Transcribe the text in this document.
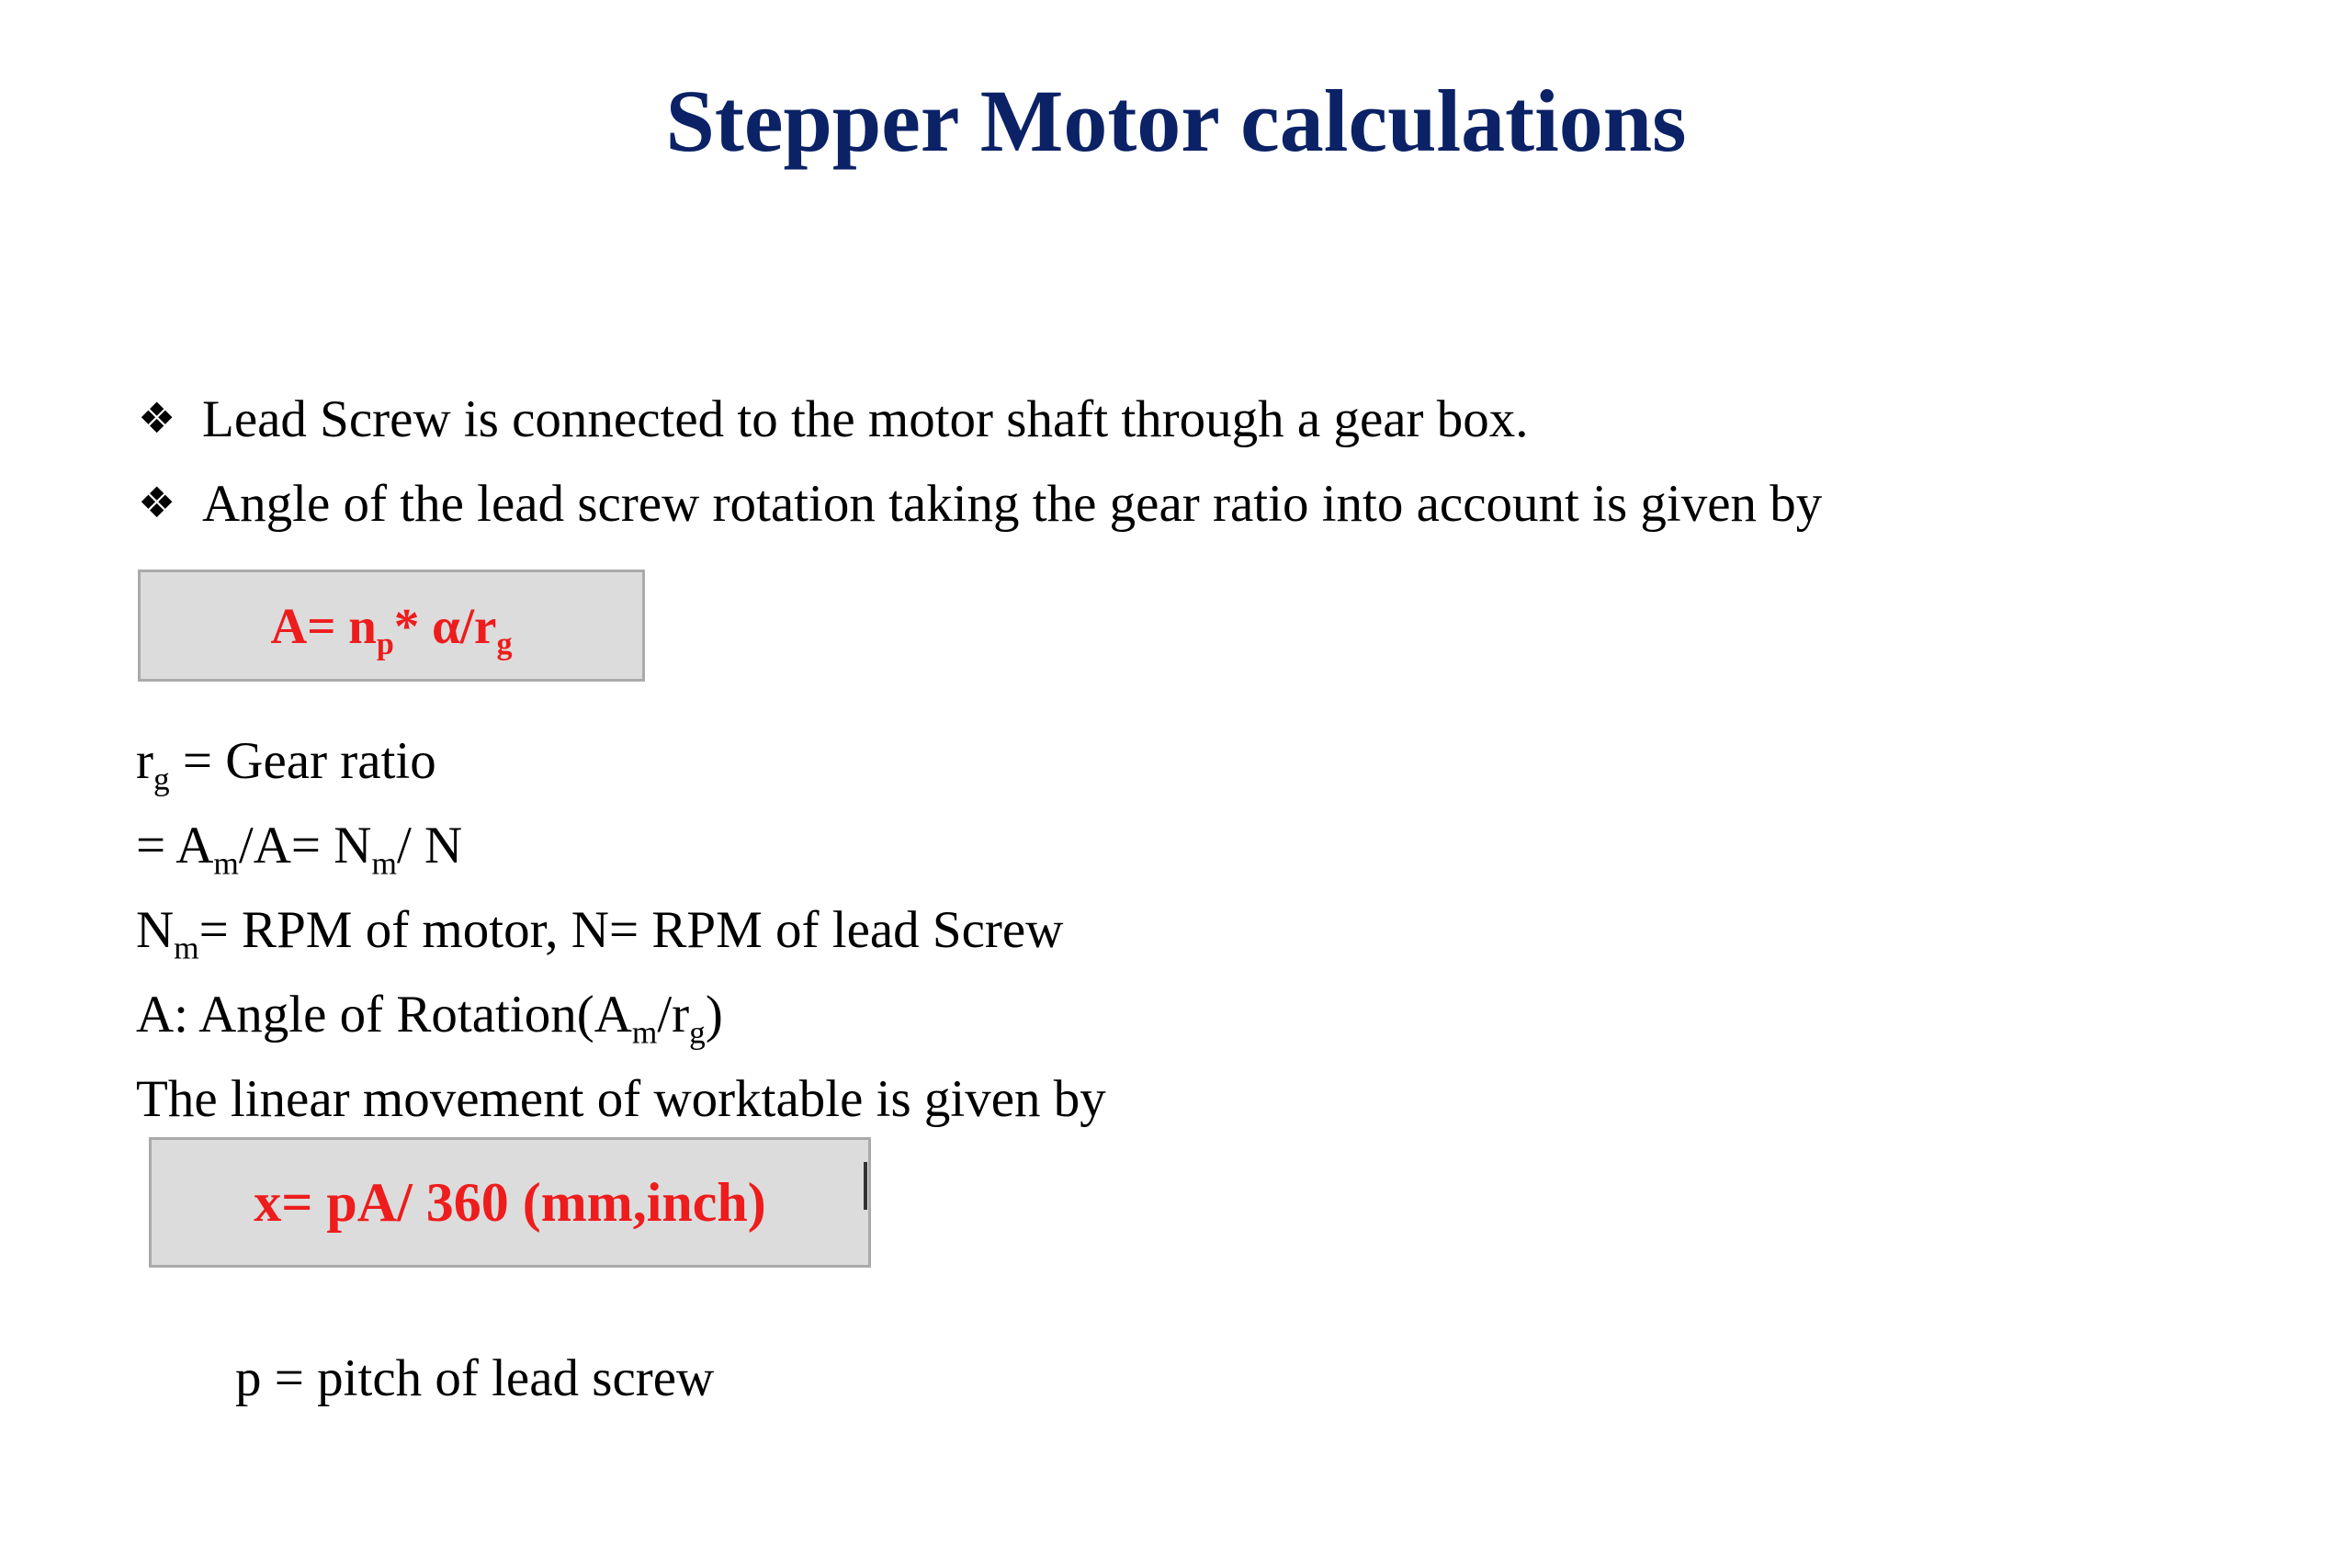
Stepper Motor calculations
❖ Lead Screw is connected to the motor shaft through a gear box.
❖ Angle of the lead screw rotation taking the gear ratio into account is given by
$A= n_p*$ $\alpha/r_g$
$r_g$ = Gear ratio
= $A_m/A= N_m/$ N
$N_m=$ RPM of motor, N= RPM of lead Screw
A: Angle of $Rotation(A_m/r_g)$
The linear movement of worktable is given by
x= pA/ 360 (mm,inch)
p = pitch of lead screw
